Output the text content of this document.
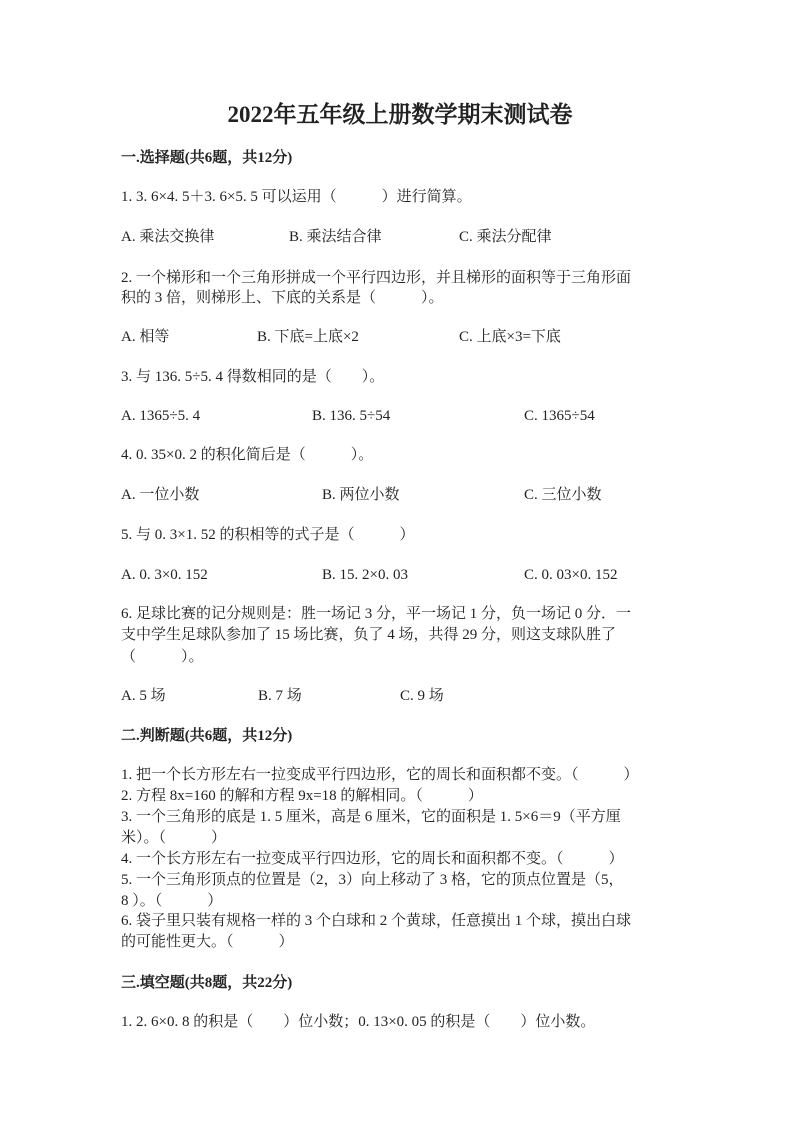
2022年五年级上册数学期末测试卷
一.选择题(共6题，共12分)
1. 3. 6×4. 5＋3. 6×5. 5 可以运用（　　　）进行简算。
A. 乘法交换律	B. 乘法结合律	C. 乘法分配律
2. 一个梯形和一个三角形拼成一个平行四边形，并且梯形的面积等于三角形面
积的 3 倍，则梯形上、下底的关系是（　　　）。
A. 相等	B. 下底=上底×2	C. 上底×3=下底
3. 与 136. 5÷5. 4 得数相同的是（　　）。
A. 1365÷5. 4	B. 136. 5÷54	C. 1365÷54
4. 0. 35×0. 2 的积化简后是（　　　）。
A. 一位小数	B. 两位小数	C. 三位小数
5. 与 0. 3×1. 52 的积相等的式子是（　　　）
A. 0. 3×0. 152	B. 15. 2×0. 03	C. 0. 03×0. 152
6. 足球比赛的记分规则是：胜一场记 3 分，平一场记 1 分，负一场记 0 分．一
支中学生足球队参加了 15 场比赛，负了 4 场，共得 29 分，则这支球队胜了
（　　　）。
A. 5 场	B. 7 场	C. 9 场
二.判断题(共6题，共12分)
1. 把一个长方形左右一拉变成平行四边形，它的周长和面积都不变。（　　　）
2. 方程 8x=160 的解和方程 9x=18 的解相同。（　　　）
3. 一个三角形的底是 1. 5 厘米，高是 6 厘米，它的面积是 1. 5×6＝9（平方厘
米）。（　　　）
4. 一个长方形左右一拉变成平行四边形，它的周长和面积都不变。（　　　）
5. 一个三角形顶点的位置是（2，3）向上移动了 3 格，它的顶点位置是（5，
8 ）。（　　　）
6. 袋子里只装有规格一样的 3 个白球和 2 个黄球，任意摸出 1 个球，摸出白球
的可能性更大。（　　　）
三.填空题(共8题，共22分)
1. 2. 6×0. 8 的积是（　　）位小数；0. 13×0. 05 的积是（　　）位小数。
